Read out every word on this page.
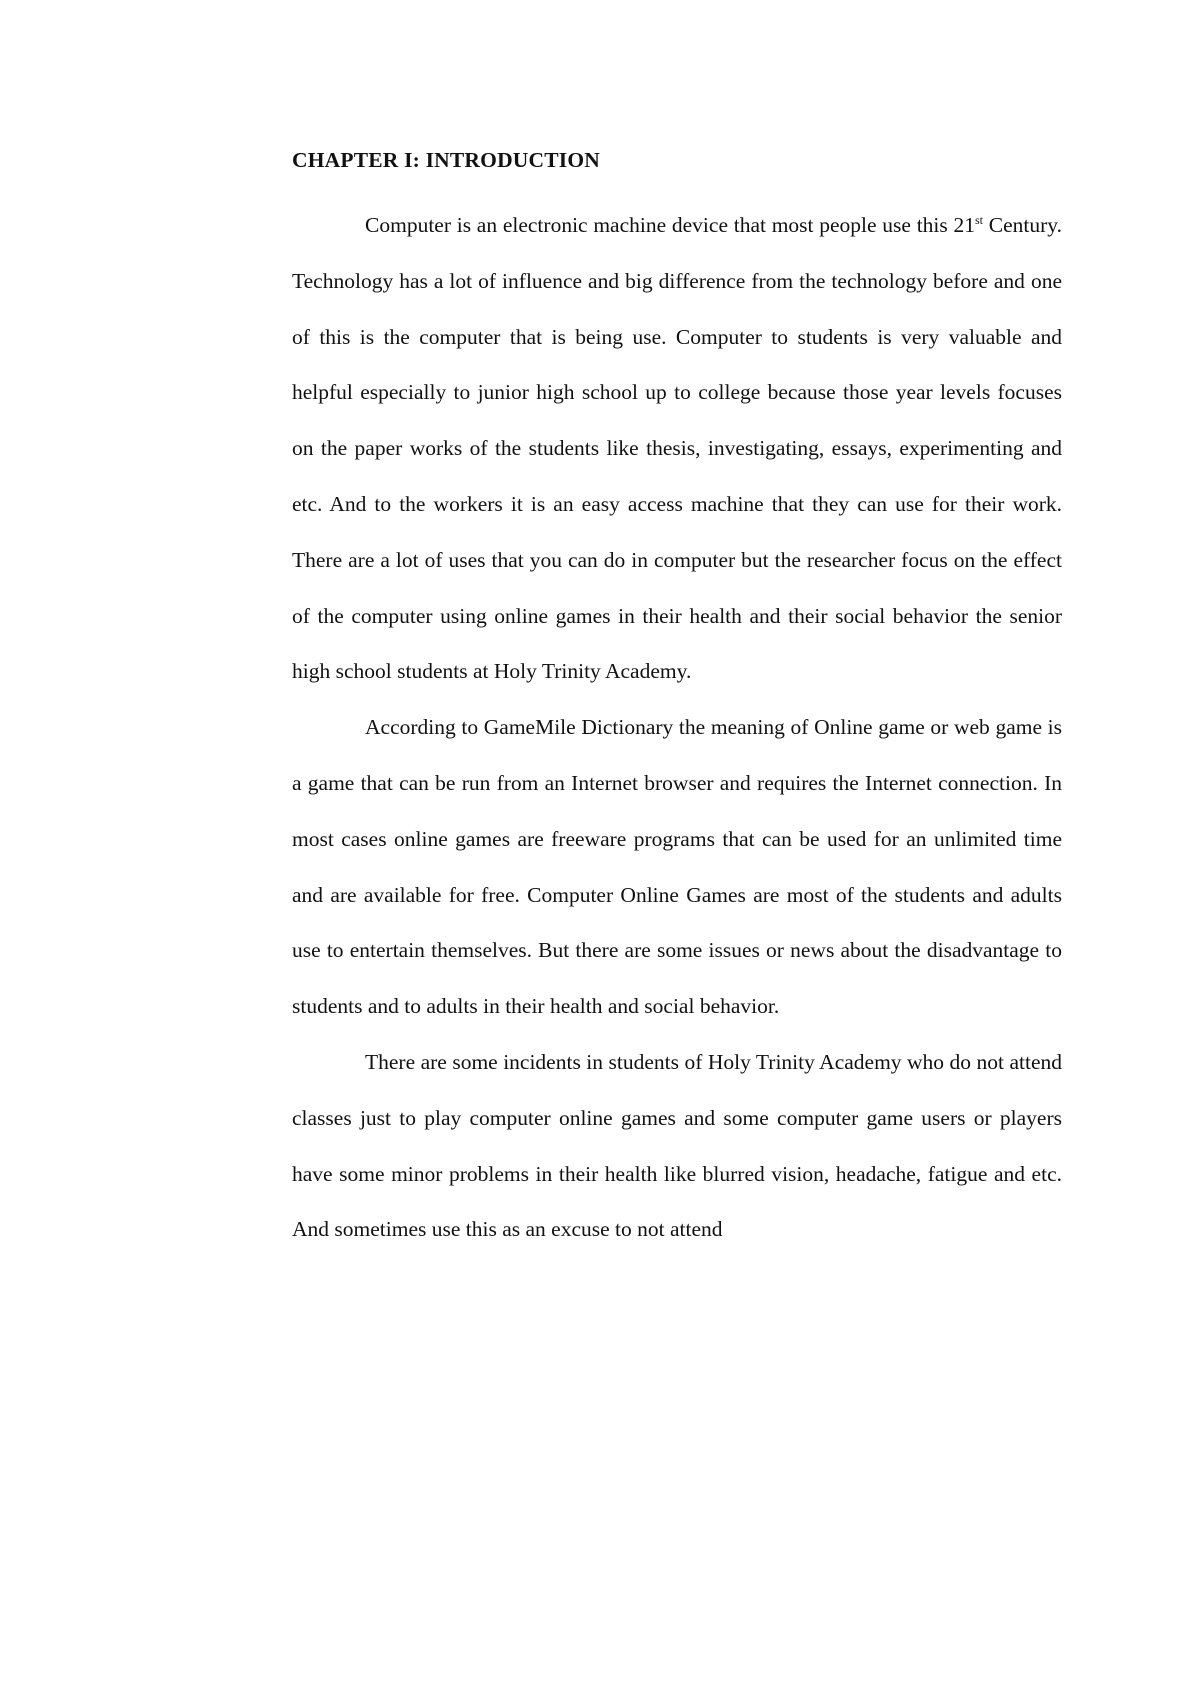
CHAPTER I: INTRODUCTION

Computer is an electronic machine device that most people use this 21st Century. Technology has a lot of influence and big difference from the technology before and one of this is the computer that is being use. Computer to students is very valuable and helpful especially to junior high school up to college because those year levels focuses on the paper works of the students like thesis, investigating, essays, experimenting and etc. And to the workers it is an easy access machine that they can use for their work. There are a lot of uses that you can do in computer but the researcher focus on the effect of the computer using online games in their health and their social behavior the senior high school students at Holy Trinity Academy.

According to GameMile Dictionary the meaning of Online game or web game is a game that can be run from an Internet browser and requires the Internet connection. In most cases online games are freeware programs that can be used for an unlimited time and are available for free. Computer Online Games are most of the students and adults use to entertain themselves. But there are some issues or news about the disadvantage to students and to adults in their health and social behavior.

There are some incidents in students of Holy Trinity Academy who do not attend classes just to play computer online games and some computer game users or players have some minor problems in their health like blurred vision, headache, fatigue and etc. And sometimes use this as an excuse to not attend
